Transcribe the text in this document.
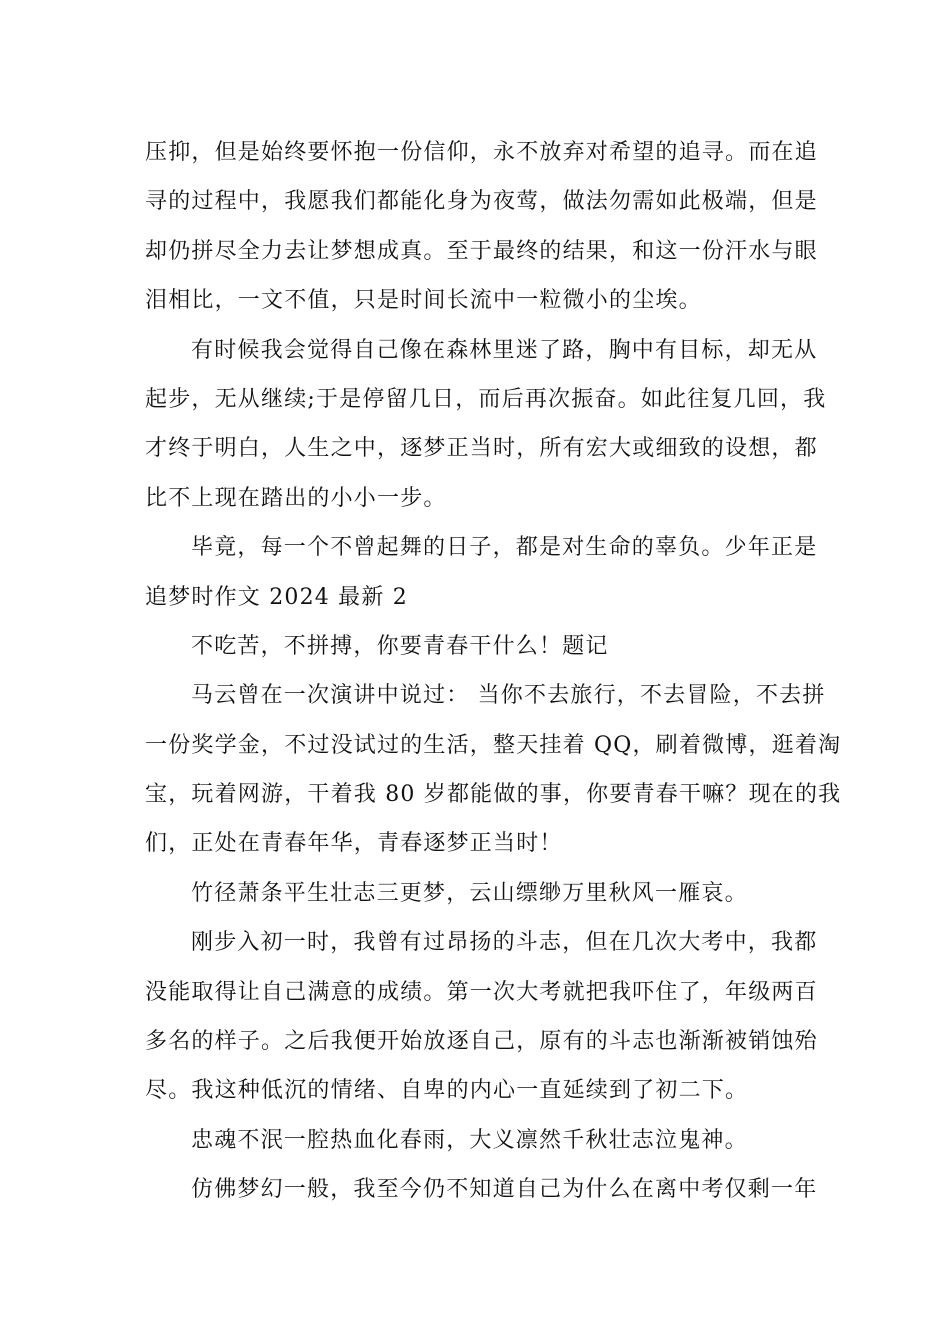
压抑，但是始终要怀抱一份信仰，永不放弃对希望的追寻。而在追
寻的过程中，我愿我们都能化身为夜莺，做法勿需如此极端，但是
却仍拼尽全力去让梦想成真。至于最终的结果，和这一份汗水与眼
泪相比，一文不值，只是时间长流中一粒微小的尘埃。
有时候我会觉得自己像在森林里迷了路，胸中有目标，却无从
起步，无从继续;于是停留几日，而后再次振奋。如此往复几回，我
才终于明白，人生之中，逐梦正当时，所有宏大或细致的设想，都
比不上现在踏出的小小一步。
毕竟，每一个不曾起舞的日子，都是对生命的辜负。少年正是
追梦时作文 2024 最新 2
不吃苦，不拼搏，你要青春干什么！题记
马云曾在一次演讲中说过： 当你不去旅行，不去冒险，不去拼
一份奖学金，不过没试过的生活，整天挂着 QQ，刷着微博，逛着淘
宝，玩着网游，干着我 80 岁都能做的事，你要青春干嘛？现在的我
们，正处在青春年华，青春逐梦正当时！
竹径萧条平生壮志三更梦，云山缥缈万里秋风一雁哀。
刚步入初一时，我曾有过昂扬的斗志，但在几次大考中，我都
没能取得让自己满意的成绩。第一次大考就把我吓住了，年级两百
多名的样子。之后我便开始放逐自己，原有的斗志也渐渐被销蚀殆
尽。我这种低沉的情绪、自卑的内心一直延续到了初二下。
忠魂不泯一腔热血化春雨，大义凛然千秋壮志泣鬼神。
仿佛梦幻一般，我至今仍不知道自己为什么在离中考仅剩一年
